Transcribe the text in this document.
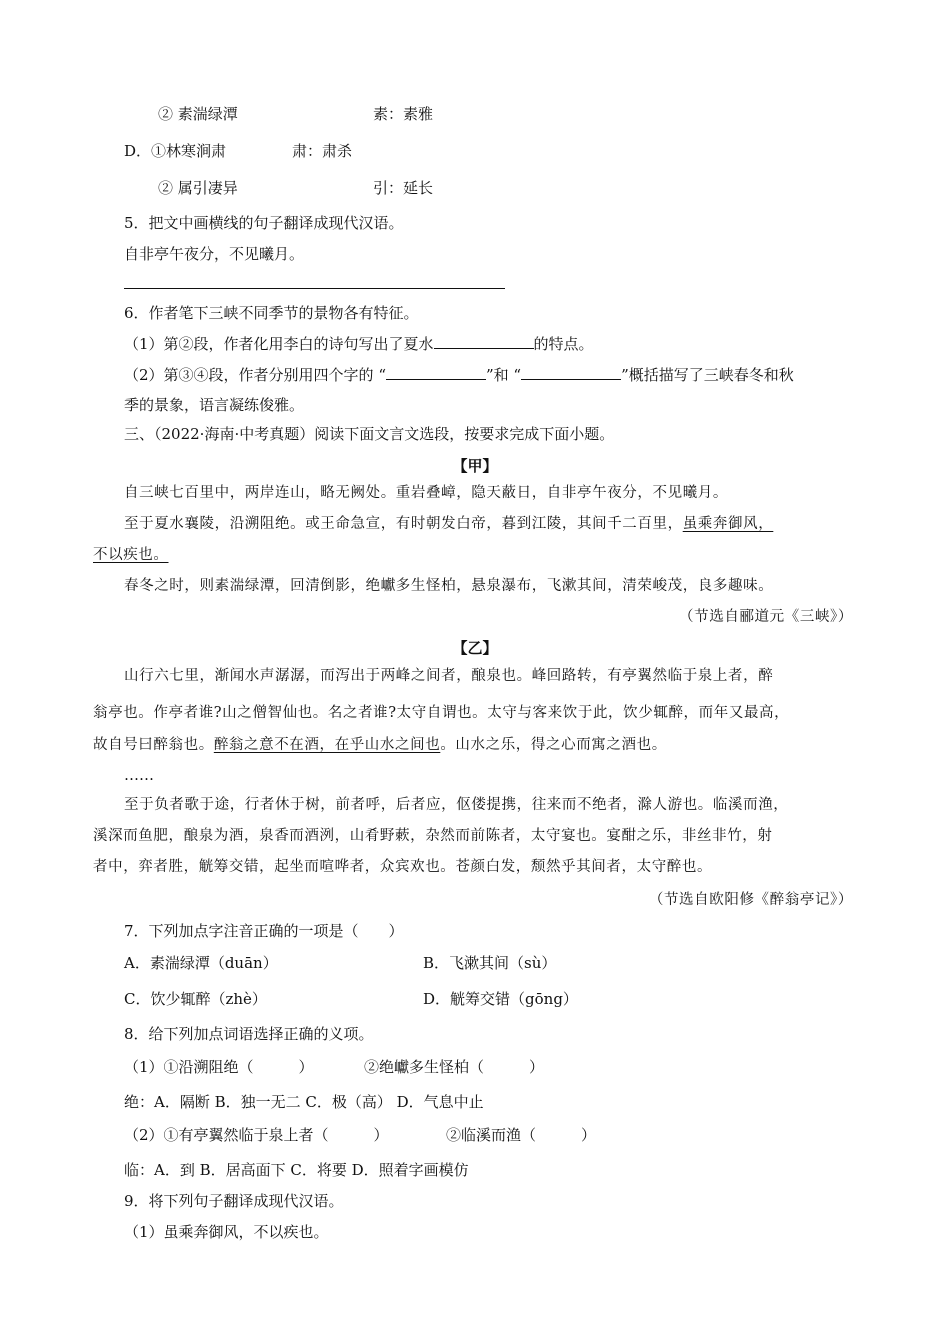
② 素湍绿潭	素：素雅
D．①林寒涧肃	肃：肃杀
② 属引凄异	引：延长
5．把文中画横线的句子翻译成现代汉语。
自非亭午夜分，不见曦月。
6．作者笔下三峡不同季节的景物各有特征。
（1）第②段，作者化用李白的诗句写出了夏水	的特点。
（2）第③④段，作者分别用四个字的 “	”和 “	”概括描写了三峡春冬和秋
季的景象，语言凝练俊雅。
三、（2022·海南·中考真题）阅读下面文言文选段，按要求完成下面小题。
【甲】
自三峡七百里中，两岸连山，略无阙处。重岩叠嶂，隐天蔽日，自非亭午夜分，不见曦月。
至于夏水襄陵，沿溯阻绝。或王命急宣，有时朝发白帝，暮到江陵，其间千二百里，虽乘奔御风，
不以疾也。
春冬之时，则素湍绿潭，回清倒影，绝巘多生怪柏，悬泉瀑布，飞漱其间，清荣峻茂，良多趣味。
（节选自郦道元《三峡》）
【乙】
山行六七里，渐闻水声潺潺，而泻出于两峰之间者，酿泉也。峰回路转，有亭翼然临于泉上者，醉
翁亭也。作亭者谁?山之僧智仙也。名之者谁?太守自谓也。太守与客来饮于此，饮少辄醉，而年又最高，
故自号曰醉翁也。醉翁之意不在酒，在乎山水之间也。山水之乐，得之心而寓之酒也。
……
至于负者歌于途，行者休于树，前者呼，后者应，伛偻提携，往来而不绝者，滁人游也。临溪而渔，
溪深而鱼肥，酿泉为酒，泉香而酒洌，山肴野蔌，杂然而前陈者，太守宴也。宴酣之乐，非丝非竹，射
者中，弈者胜，觥筹交错，起坐而喧哗者，众宾欢也。苍颜白发，颓然乎其间者，太守醉也。
（节选自欧阳修《醉翁亭记》）
7．下列加点字注音正确的一项是（　　）
A．素湍绿潭（duān）	B．飞漱其间（sù）
C．饮少辄醉（zhè）	D．觥筹交错（gōng）
8．给下列加点词语选择正确的义项。
（1）①沿溯阻绝（　　　）	②绝巘多生怪柏（　　　）
绝：A．隔断 B．独一无二 C．极（高） D．气息中止
（2）①有亭翼然临于泉上者（　　　）	②临溪而渔（　　　）
临：A．到 B．居高面下 C．将要 D．照着字画模仿
9．将下列句子翻译成现代汉语。
（1）虽乘奔御风，不以疾也。
